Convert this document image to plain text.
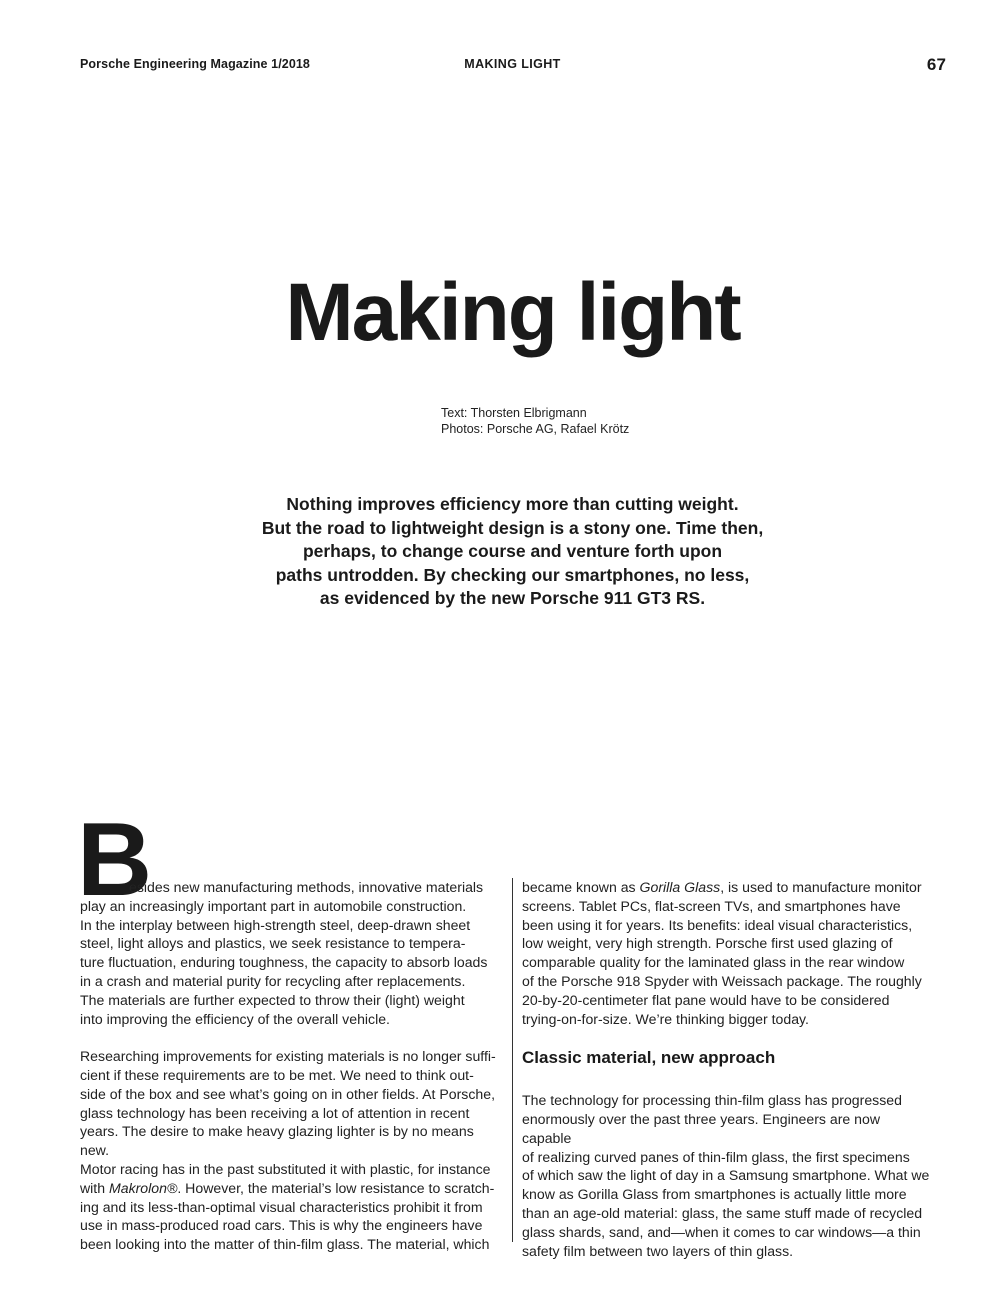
Porsche Engineering Magazine 1/2018	MAKING LIGHT	67
Making light
Text: Thorsten Elbrigmann
Photos: Porsche AG, Rafael Krötz
Nothing improves efficiency more than cutting weight.
But the road to lightweight design is a stony one. Time then,
perhaps, to change course and venture forth upon
paths untrodden. By checking our smartphones, no less,
as evidenced by the new Porsche 911 GT3 RS.
B

esides new manufacturing methods, innovative materials
play an increasingly important part in automobile construction.
In the interplay between high-strength steel, deep-drawn sheet
steel, light alloys and plastics, we seek resistance to tempera-
ture fluctuation, enduring toughness, the capacity to absorb loads
in a crash and material purity for recycling after replacements.
The materials are further expected to throw their (light) weight
into improving the efficiency of the overall vehicle.

Researching improvements for existing materials is no longer suffi-
cient if these requirements are to be met. We need to think out-
side of the box and see what’s going on in other fields. At Porsche,
glass technology has been receiving a lot of attention in recent
years. The desire to make heavy glazing lighter is by no means new.
Motor racing has in the past substituted it with plastic, for instance
with Makrolon®. However, the material’s low resistance to scratch-
ing and its less-than-optimal visual characteristics prohibit it from
use in mass-produced road cars. This is why the engineers have
been looking into the matter of thin-film glass. The material, which

became known as Gorilla Glass, is used to manufacture monitor
screens. Tablet PCs, flat-screen TVs, and smartphones have
been using it for years. Its benefits: ideal visual characteristics,
low weight, very high strength. Porsche first used glazing of
comparable quality for the laminated glass in the rear window
of the Porsche 918 Spyder with Weissach package. The roughly
20-by-20-centimeter flat pane would have to be considered
trying-on-for-size. We’re thinking bigger today.

Classic material, new approach

The technology for processing thin-film glass has progressed
enormously over the past three years. Engineers are now capable
of realizing curved panes of thin-film glass, the first specimens
of which saw the light of day in a Samsung smartphone. What we
know as Gorilla Glass from smartphones is actually little more
than an age-old material: glass, the same stuff made of recycled
glass shards, sand, and—when it comes to car windows—a thin
safety film between two layers of thin glass.
